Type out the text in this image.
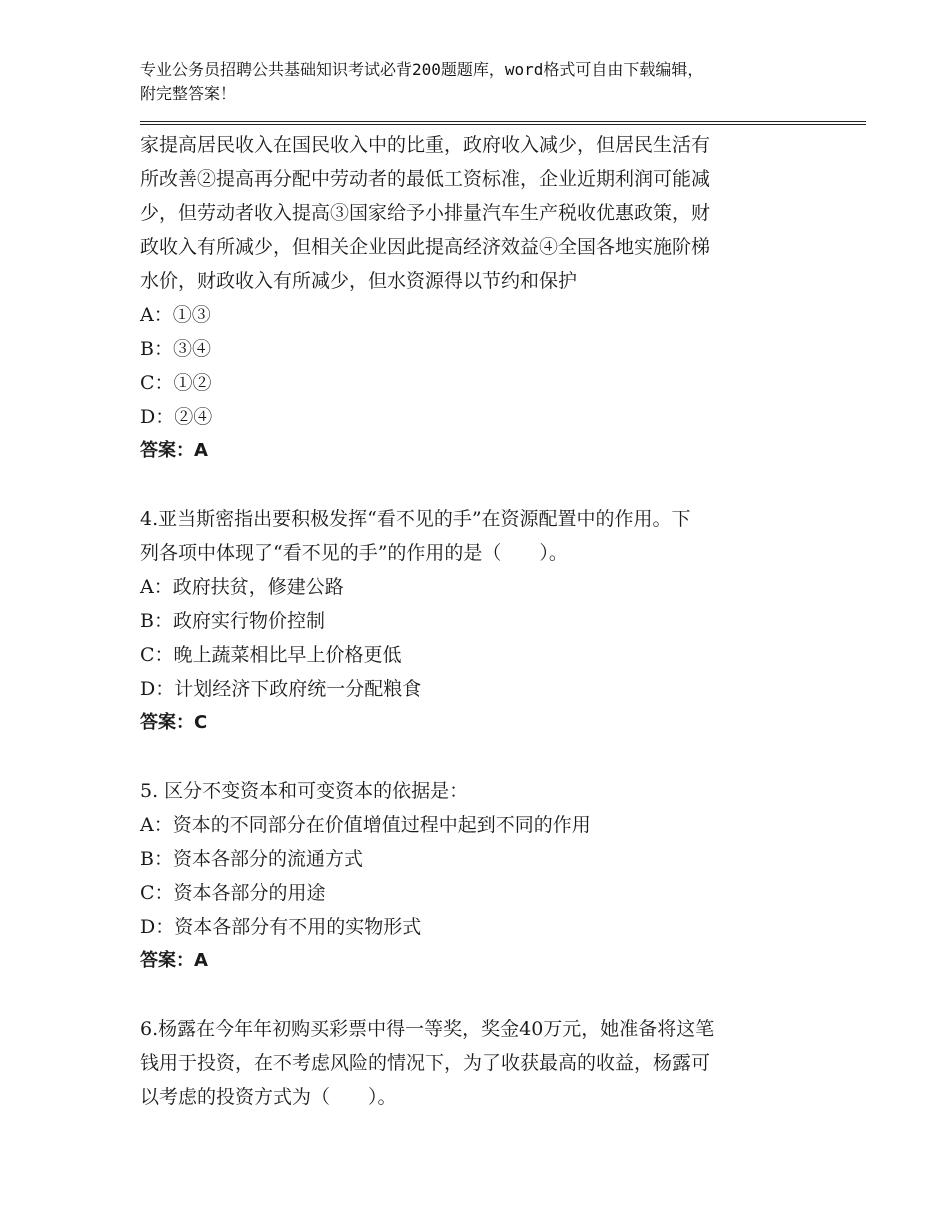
专业公务员招聘公共基础知识考试必背200题题库，word格式可自由下载编辑，
附完整答案！

家提高居民收入在国民收入中的比重，政府收入减少，但居民生活有

所改善②提高再分配中劳动者的最低工资标准，企业近期利润可能减

少，但劳动者收入提高③国家给予小排量汽车生产税收优惠政策，财

政收入有所减少，但相关企业因此提高经济效益④全国各地实施阶梯

水价，财政收入有所减少，但水资源得以节约和保护

A：①③

B：③④

C：①②

D：②④

答案：A

4.亚当斯密指出要积极发挥“看不见的手”在资源配置中的作用。下

列各项中体现了“看不见的手”的作用的是（　　）。

A：政府扶贫，修建公路

B：政府实行物价控制

C：晚上蔬菜相比早上价格更低

D：计划经济下政府统一分配粮食

答案：C

5. 区分不变资本和可变资本的依据是：

A：资本的不同部分在价值增值过程中起到不同的作用

B：资本各部分的流通方式

C：资本各部分的用途

D：资本各部分有不用的实物形式

答案：A

6.杨露在今年年初购买彩票中得一等奖，奖金40万元，她准备将这笔

钱用于投资，在不考虑风险的情况下，为了收获最高的收益，杨露可

以考虑的投资方式为（　　）。
